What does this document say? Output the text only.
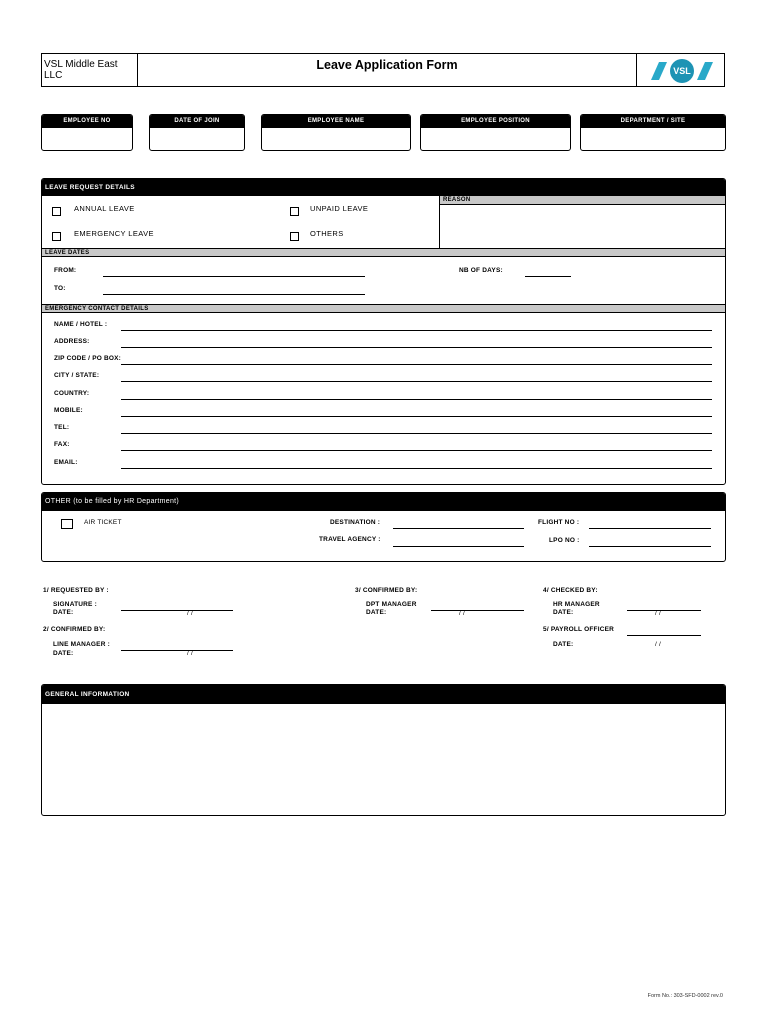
VSL Middle East LLC
Leave Application Form	VSL
EMPLOYEE NO	DATE OF JOIN	EMPLOYEE NAME	EMPLOYEE POSITION	DEPARTMENT / SITE
LEAVE REQUEST DETAILS
ANNUAL LEAVE	UNPAID LEAVE
EMERGENCY LEAVE	OTHERS
REASON
LEAVE DATES
FROM:
TO:
NB OF DAYS:
EMERGENCY CONTACT DETAILS
NAME / HOTEL :
ADDRESS:
ZIP CODE / PO BOX:
CITY / STATE:
COUNTRY:
MOBILE:
TEL:
FAX:
EMAIL:
OTHER (to be filled by HR Department)
AIR TICKET	DESTINATION :	FLIGHT NO :
TRAVEL AGENCY :	LPO NO :
1/ REQUESTED BY :
SIGNATURE :
DATE:	/ /
2/ CONFIRMED BY:
LINE MANAGER :
DATE:	/ /
3/ CONFIRMED BY:
DPT MANAGER
DATE:	/ /
4/ CHECKED BY:
HR MANAGER
DATE:	/ /
5/ PAYROLL OFFICER
DATE:	/ /
GENERAL INFORMATION
Form No.: 303-SFD-0002 rev.0
